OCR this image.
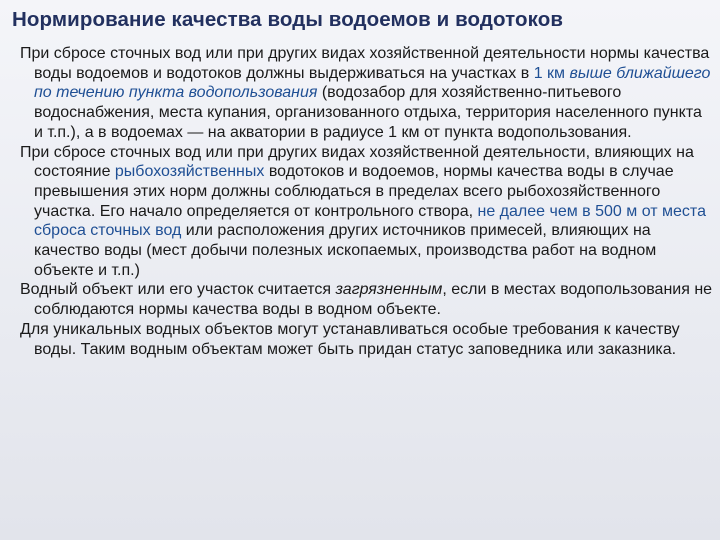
Нормирование качества воды водоемов и водотоков

При сбросе сточных вод или при других видах хозяйственной деятельности нормы качества воды водоемов и водотоков должны выдерживаться на участках в 1 км выше ближайшего по течению пункта водопользования (водозабор для хозяйственно-питьевого водоснабжения, места купания, организованного отдыха, территория населенного пункта и т.п.), а в водоемах — на акватории в радиусе 1 км от пункта водопользования.

При сбросе сточных вод или при других видах хозяйственной деятельности, влияющих на состояние рыбохозяйственных водотоков и водоемов, нормы качества воды в случае превышения этих норм должны соблюдаться в пределах всего рыбохозяйственного участка. Его начало определяется от контрольного створа, не далее чем в 500 м от места сброса сточных вод или расположения других источников примесей, влияющих на качество воды (мест добычи полезных ископаемых, производства работ на водном объекте и т.п.)

Водный объект или его участок считается загрязненным, если в местах водопользования не соблюдаются нормы качества воды в водном объекте.

Для уникальных водных объектов могут устанавливаться особые требования к качеству воды. Таким водным объектам может быть придан статус заповедника или заказника.
